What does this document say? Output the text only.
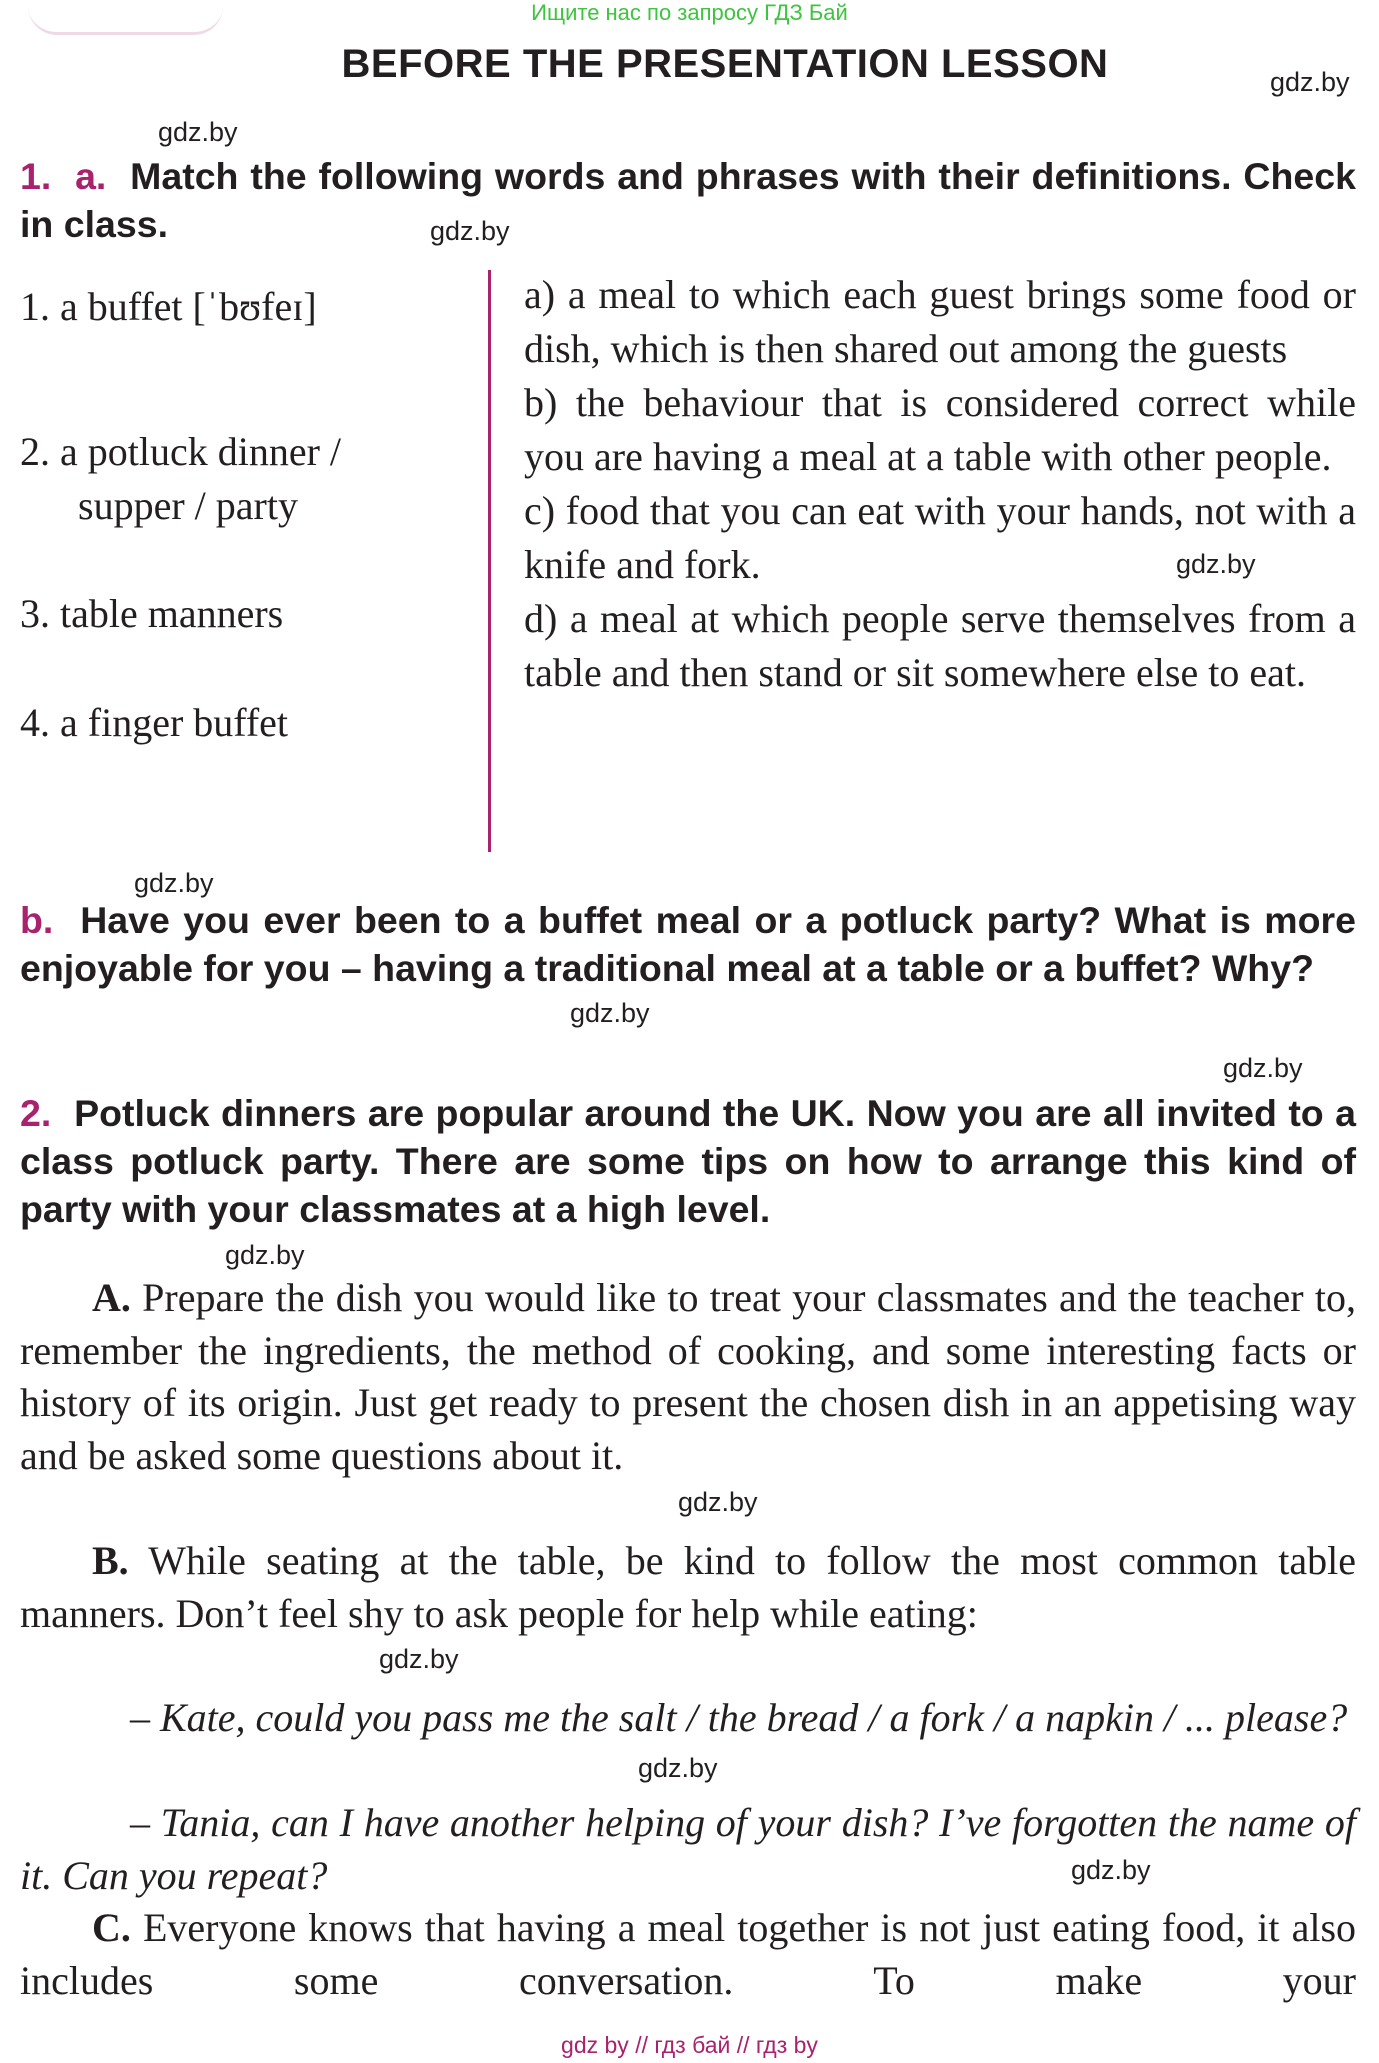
Ищите нас по запросу ГДЗ Бай
BEFORE THE PRESENTATION LESSON	gdz.by
gdz.by
gdz.by
gdz.by
gdz.by
gdz.by
gdz.by
gdz.by
gdz.by
gdz.by
gdz.by
gdz.by
1. a. Match the following words and phrases with their definitions. Check in class.
1. a buffet [ˈbʊfeɪ]
2. a potluck dinner /
supper / party
3. table manners
4. a finger buffet
a) a meal to which each guest brings some food or dish, which is then shared out among the guests
b) the behaviour that is considered correct while you are having a meal at a table with other people.
c) food that you can eat with your hands, not with a knife and fork.
d) a meal at which people serve themselves from a table and then stand or sit somewhere else to eat.
b. Have you ever been to a buffet meal or a potluck party? What is more enjoyable for you – having a traditional meal at a table or a buffet? Why?
2. Potluck dinners are popular around the UK. Now you are all invited to a class potluck party. There are some tips on how to arrange this kind of party with your classmates at a high level.
A. Prepare the dish you would like to treat your classmates and the teacher to, remember the ingredients, the method of cooking, and some interesting facts or history of its origin. Just get ready to present the chosen dish in an appetising way and be asked some questions about it.
B. While seating at the table, be kind to follow the most common table manners. Don’t feel shy to ask people for help while eating:
– Kate, could you pass me the salt / the bread / a fork / a napkin / ... please?
– Tania, can I have another helping of your dish? I’ve forgotten the name of it. Can you repeat?
C. Everyone knows that having a meal together is not just eating food, it also includes some conversation. To make your
gdz by // гдз бай // гдз by
